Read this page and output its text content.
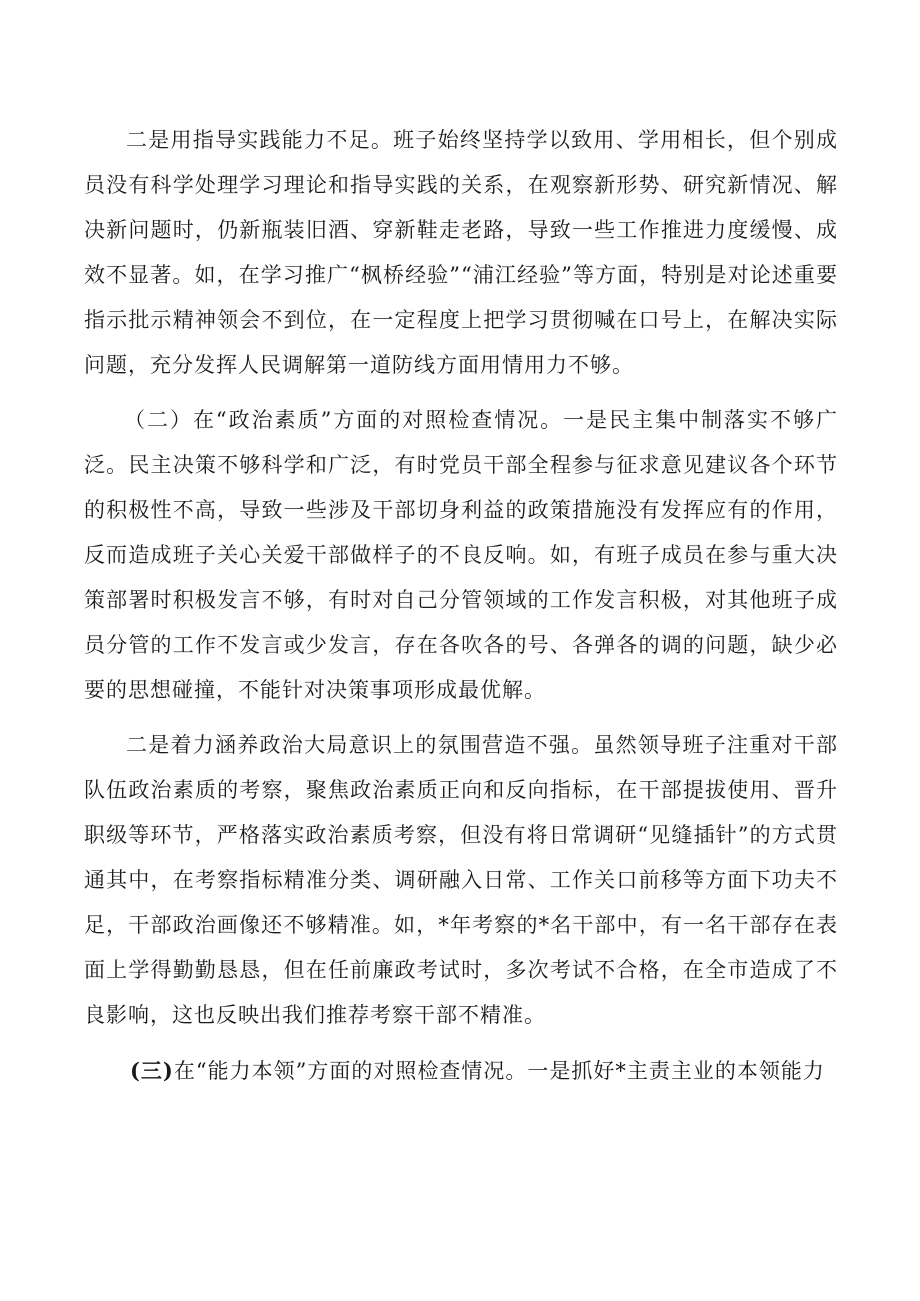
二是用指导实践能力不足。班子始终坚持学以致用、学用相长，但个别成员没有科学处理学习理论和指导实践的关系，在观察新形势、研究新情况、解决新问题时，仍新瓶装旧酒、穿新鞋走老路，导致一些工作推进力度缓慢、成效不显著。如，在学习推广“枫桥经验”“浦江经验”等方面，特别是对论述重要指示批示精神领会不到位，在一定程度上把学习贯彻喊在口号上，在解决实际问题，充分发挥人民调解第一道防线方面用情用力不够。

（二）在“政治素质”方面的对照检查情况。一是民主集中制落实不够广泛。民主决策不够科学和广泛，有时党员干部全程参与征求意见建议各个环节的积极性不高，导致一些涉及干部切身利益的政策措施没有发挥应有的作用，反而造成班子关心关爱干部做样子的不良反响。如，有班子成员在参与重大决策部署时积极发言不够，有时对自己分管领域的工作发言积极，对其他班子成员分管的工作不发言或少发言，存在各吹各的号、各弹各的调的问题，缺少必要的思想碰撞，不能针对决策事项形成最优解。

二是着力涵养政治大局意识上的氛围营造不强。虽然领导班子注重对干部队伍政治素质的考察，聚焦政治素质正向和反向指标，在干部提拔使用、晋升职级等环节，严格落实政治素质考察，但没有将日常调研“见缝插针”的方式贯通其中，在考察指标精准分类、调研融入日常、工作关口前移等方面下功夫不足，干部政治画像还不够精准。如，*年考察的*名干部中，有一名干部存在表面上学得勤勤恳恳，但在任前廉政考试时，多次考试不合格，在全市造成了不良影响，这也反映出我们推荐考察干部不精准。

(三)在“能力本领”方面的对照检查情况。一是抓好*主责主业的本领能力
